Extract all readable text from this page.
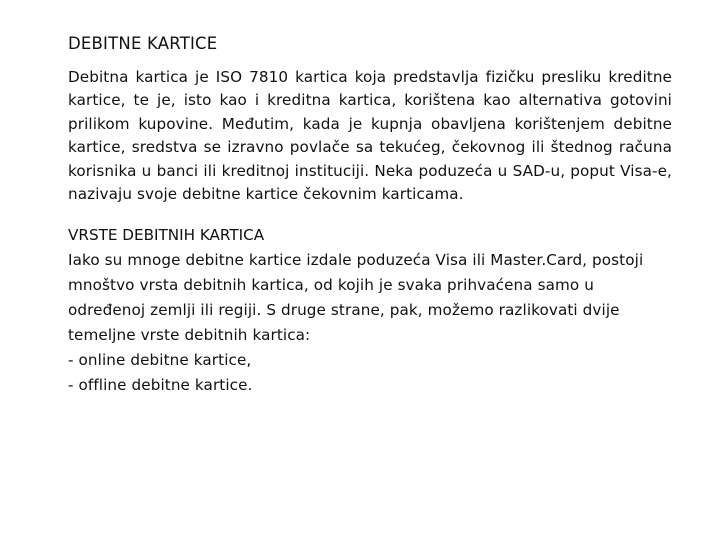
DEBITNE KARTICE

Debitna kartica je ISO 7810 kartica koja predstavlja fizičku presliku kreditne kartice, te je, isto kao i kreditna kartica, korištena kao alternativa gotovini prilikom kupovine. Međutim, kada je kupnja obavljena korištenjem debitne kartice, sredstva se izravno povlače sa tekućeg, čekovnog ili štednog računa korisnika u banci ili kreditnoj instituciji. Neka poduzeća u SAD-u, poput Visa-e, nazivaju svoje debitne kartice čekovnim karticama.

VRSTE DEBITNIH KARTICA

Iako su mnoge debitne kartice izdale poduzeća Visa ili Master.Card, postoji mnoštvo vrsta debitnih kartica, od kojih je svaka prihvaćena samo u određenoj zemlji ili regiji. S druge strane, pak, možemo razlikovati dvije temeljne vrste debitnih kartica:

- online debitne kartice,
- offline debitne kartice.
